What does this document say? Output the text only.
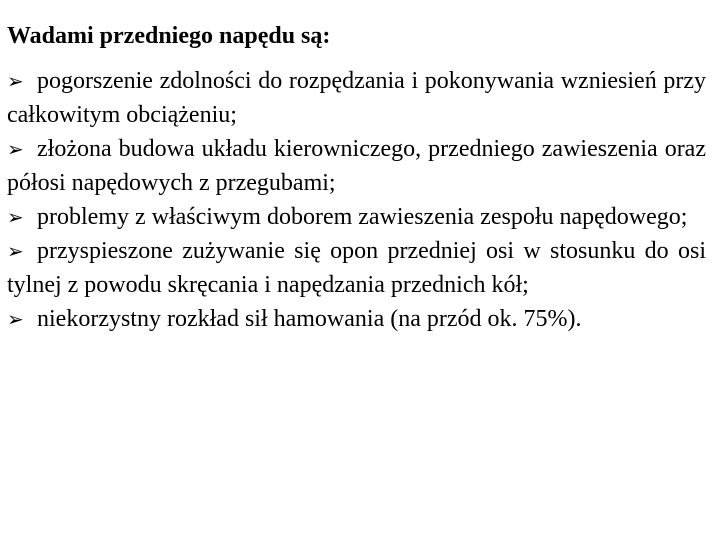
Wadami przedniego napędu są:
➢ pogorszenie zdolności do rozpędzania i pokonywania wzniesień przy całkowitym obciążeniu;
➢ złożona budowa układu kierowniczego, przedniego zawieszenia oraz półosi napędowych z przegubami;
➢ problemy z właściwym doborem zawieszenia zespołu napędowego;
➢ przyspieszone zużywanie się opon przedniej osi w stosunku do osi tylnej z powodu skręcania i napędzania przednich kół;
➢ niekorzystny rozkład sił hamowania (na przód ok. 75%).
